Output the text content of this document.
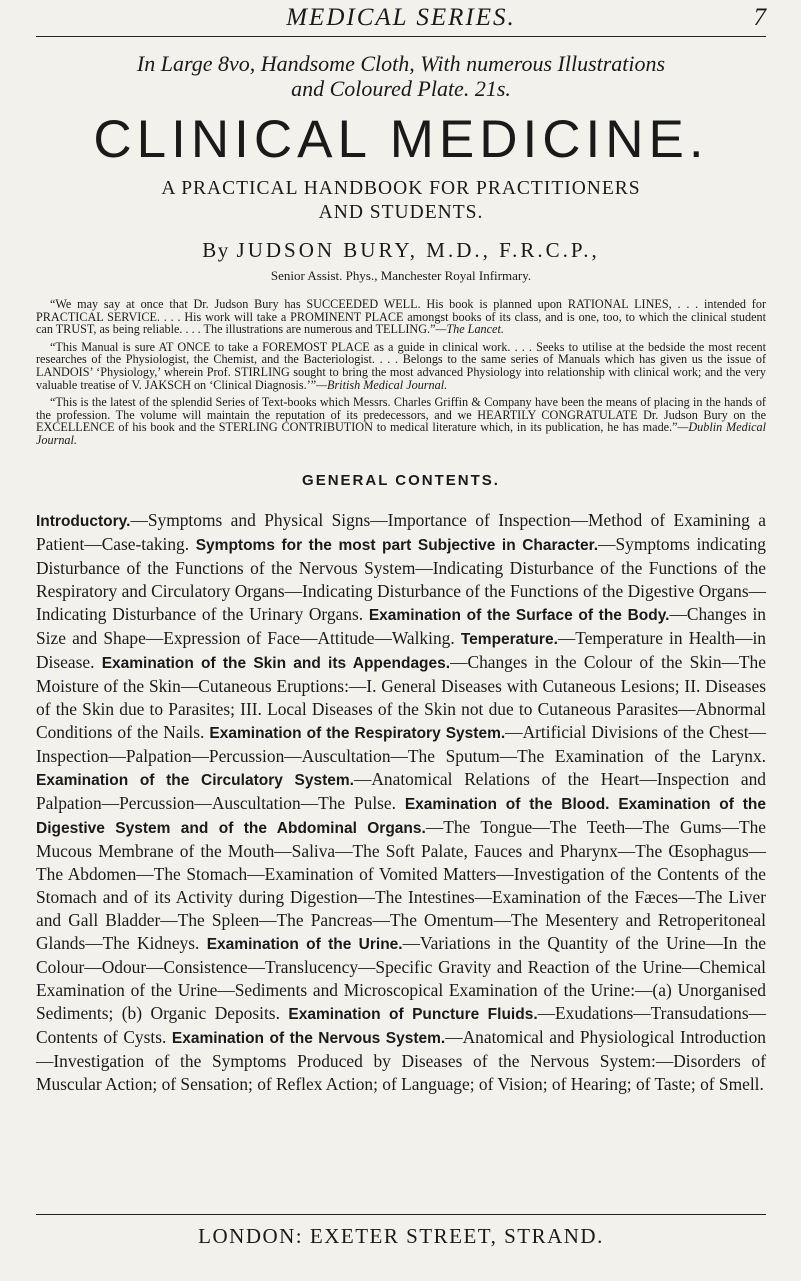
MEDICAL SERIES.	7
In Large 8vo, Handsome Cloth, With numerous Illustrations
and Coloured Plate. 21s.
CLINICAL MEDICINE.
A PRACTICAL HANDBOOK FOR PRACTITIONERS
AND STUDENTS.
By JUDSON BURY, M.D., F.R.C.P.,
Senior Assist. Phys., Manchester Royal Infirmary.

“We may say at once that Dr. Judson Bury has SUCCEEDED WELL. His book is planned upon RATIONAL LINES, . . . intended for PRACTICAL SERVICE. . . . His work will take a PROMINENT PLACE amongst books of its class, and is one, too, to which the clinical student can TRUST, as being reliable. . . . The illustrations are numerous and TELLING.”—The Lancet.

“This Manual is sure AT ONCE to take a FOREMOST PLACE as a guide in clinical work. . . . Seeks to utilise at the bedside the most recent researches of the Physiologist, the Chemist, and the Bacteriologist. . . . Belongs to the same series of Manuals which has given us the issue of LANDOIS’ ‘Physiology,’ wherein Prof. STIRLING sought to bring the most advanced Physiology into relationship with clinical work; and the very valuable treatise of V. JAKSCH on ‘Clinical Diagnosis.’”—British Medical Journal.

“This is the latest of the splendid Series of Text-books which Messrs. Charles Griffin & Company have been the means of placing in the hands of the profession. The volume will maintain the reputation of its predecessors, and we HEARTILY CONGRATULATE Dr. Judson Bury on the EXCELLENCE of his book and the STERLING CONTRIBUTION to medical literature which, in its publication, he has made.”—Dublin Medical Journal.

GENERAL CONTENTS.
Introductory.—Symptoms and Physical Signs—Importance of Inspection—Method of Examining a Patient—Case-taking. Symptoms for the most part Subjective in Character.—Symptoms indicating Disturbance of the Functions of the Nervous System—Indicating Disturbance of the Functions of the Respiratory and Circulatory Organs—Indicating Disturbance of the Functions of the Digestive Organs—Indicating Disturbance of the Urinary Organs. Examination of the Surface of the Body.—Changes in Size and Shape—Expression of Face—Attitude—Walking. Temperature.—Temperature in Health—in Disease. Examination of the Skin and its Appendages.—Changes in the Colour of the Skin—The Moisture of the Skin—Cutaneous Eruptions:—I. General Diseases with Cutaneous Lesions; II. Diseases of the Skin due to Parasites; III. Local Diseases of the Skin not due to Cutaneous Parasites—Abnormal Conditions of the Nails. Examination of the Respiratory System.—Artificial Divisions of the Chest—Inspection—Palpation—Percussion—Auscultation—The Sputum—The Examination of the Larynx. Examination of the Circulatory System.—Anatomical Relations of the Heart—Inspection and Palpation—Percussion—Auscultation—The Pulse. Examination of the Blood. Examination of the Digestive System and of the Abdominal Organs.—The Tongue—The Teeth—The Gums—The Mucous Membrane of the Mouth—Saliva—The Soft Palate, Fauces and Pharynx—The Œsophagus—The Abdomen—The Stomach—Examination of Vomited Matters—Investigation of the Contents of the Stomach and of its Activity during Digestion—The Intestines—Examination of the Fæces—The Liver and Gall Bladder—The Spleen—The Pancreas—The Omentum—The Mesentery and Retroperitoneal Glands—The Kidneys. Examination of the Urine.—Variations in the Quantity of the Urine—In the Colour—Odour—Consistence—Translucency—Specific Gravity and Reaction of the Urine—Chemical Examination of the Urine—Sediments and Microscopical Examination of the Urine:—(a) Unorganised Sediments; (b) Organic Deposits. Examination of Puncture Fluids.—Exudations—Transudations—Contents of Cysts. Examination of the Nervous System.—Anatomical and Physiological Introduction—Investigation of the Symptoms Produced by Diseases of the Nervous System:—Disorders of Muscular Action; of Sensation; of Reflex Action; of Language; of Vision; of Hearing; of Taste; of Smell.
LONDON: EXETER STREET, STRAND.
